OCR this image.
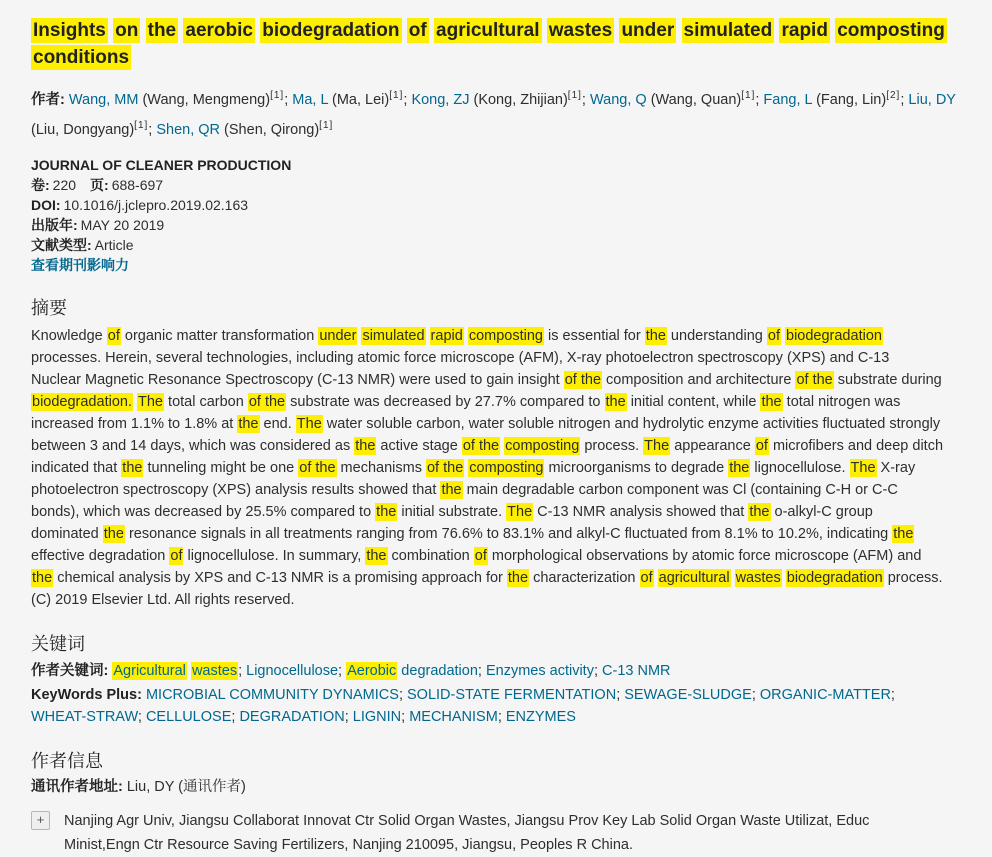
Insights on the aerobic biodegradation of agricultural wastes under simulated rapid composting
conditions

作者: Wang, MM (Wang, Mengmeng)[1]; Ma, L (Ma, Lei)[1]; Kong, ZJ (Kong, Zhijian)[1]; Wang, Q (Wang, Quan)[1]; Fang, L (Fang, Lin)[2]; Liu, DY (Liu, Dongyang)[1]; Shen, QR (Shen, Qirong)[1]

JOURNAL OF CLEANER PRODUCTION
卷: 220 页: 688-697
DOI: 10.1016/j.jclepro.2019.02.163
出版年: MAY 20 2019
文献类型: Article
查看期刊影响力
摘要

Knowledge of organic matter transformation under simulated rapid composting is essential for the understanding of biodegradation processes. Herein, several technologies, including atomic force microscope (AFM), X-ray photoelectron spectroscopy (XPS) and C-13 Nuclear Magnetic Resonance Spectroscopy (C-13 NMR) were used to gain insight of the composition and architecture of the substrate during biodegradation. The total carbon of the substrate was decreased by 27.7% compared to the initial content, while the total nitrogen was increased from 1.1% to 1.8% at the end. The water soluble carbon, water soluble nitrogen and hydrolytic enzyme activities fluctuated strongly between 3 and 14 days, which was considered as the active stage of the composting process. The appearance of microfibers and deep ditch indicated that the tunneling might be one of the mechanisms of the composting microorganisms to degrade the lignocellulose. The X-ray photoelectron spectroscopy (XPS) analysis results showed that the main degradable carbon component was Cl (containing C-H or C-C bonds), which was decreased by 25.5% compared to the initial substrate. The C-13 NMR analysis showed that the o-alkyl-C group dominated the resonance signals in all treatments ranging from 76.6% to 83.1% and alkyl-C fluctuated from 8.1% to 10.2%, indicating the effective degradation of lignocellulose. In summary, the combination of morphological observations by atomic force microscope (AFM) and the chemical analysis by XPS and C-13 NMR is a promising approach for the characterization of agricultural wastes biodegradation process. (C) 2019 Elsevier Ltd. All rights reserved.

关键词

作者关键词: Agricultural wastes; Lignocellulose; Aerobic degradation; Enzymes activity; C-13 NMR

KeyWords Plus: MICROBIAL COMMUNITY DYNAMICS; SOLID-STATE FERMENTATION; SEWAGE-SLUDGE; ORGANIC-MATTER; WHEAT-STRAW; CELLULOSE; DEGRADATION; LIGNIN; MECHANISM; ENZYMES

作者信息

通讯作者地址: Liu, DY (通讯作者)

+	Nanjing Agr Univ, Jiangsu Collaborat Innovat Ctr Solid Organ Wastes, Jiangsu Prov Key Lab Solid Organ Waste Utilizat, Educ Minist,Engn Ctr Resource Saving Fertilizers, Nanjing 210095, Jiangsu, Peoples R China.
